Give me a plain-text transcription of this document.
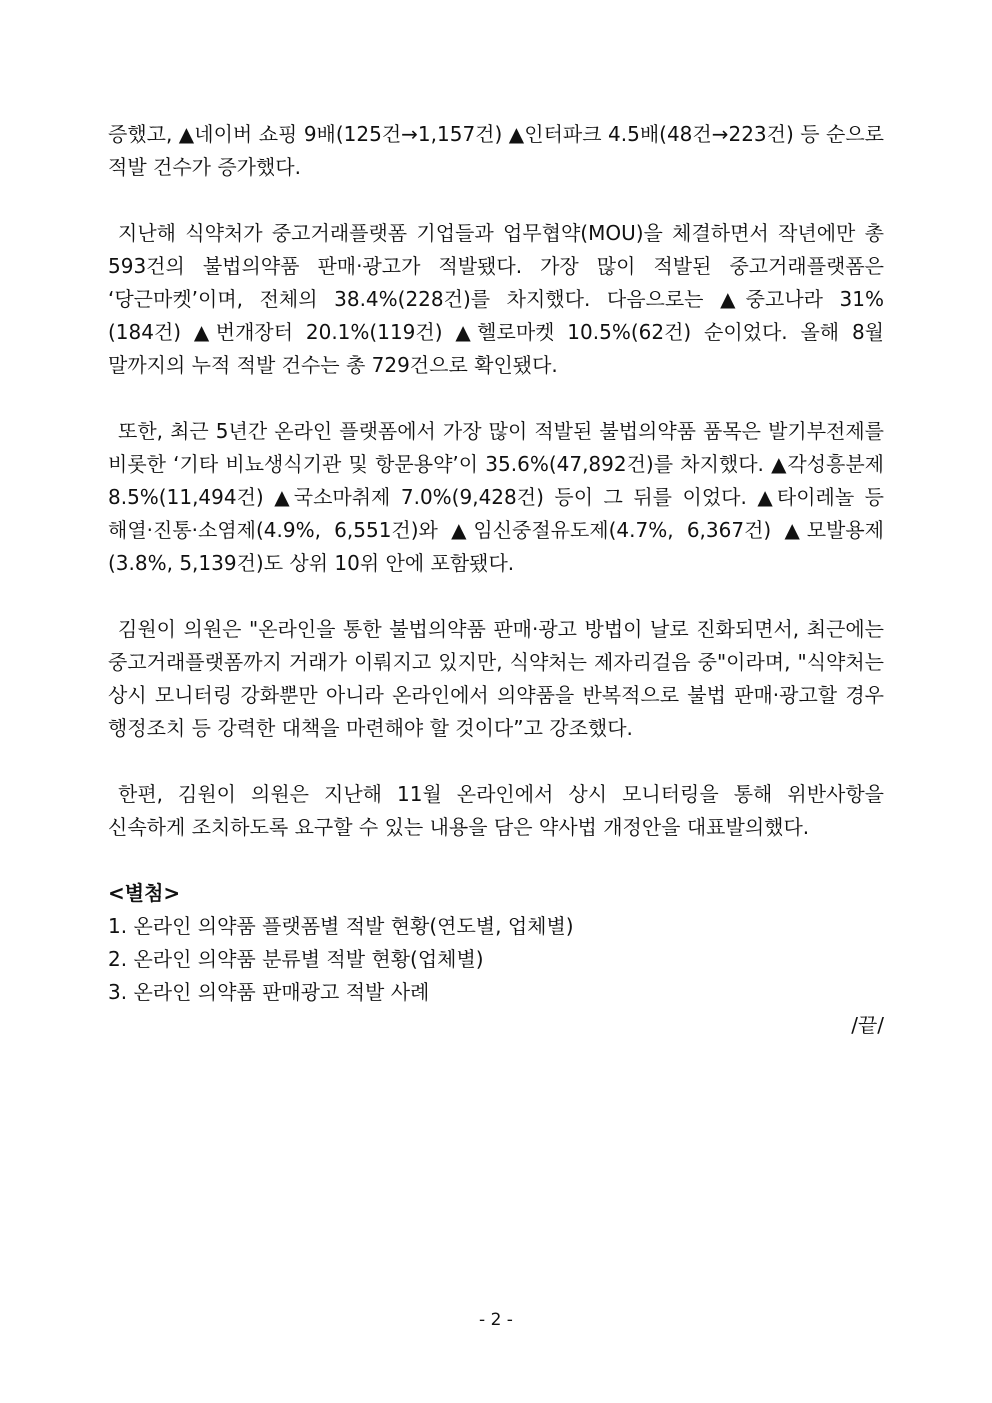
증했고, ▲네이버 쇼핑 9배(125건→1,157건) ▲인터파크 4.5배(48건→223건) 등 순으로 적발 건수가 증가했다.

지난해 식약처가 중고거래플랫폼 기업들과 업무협약(MOU)을 체결하면서 작년에만 총 593건의 불법의약품 판매·광고가 적발됐다. 가장 많이 적발된 중고거래플랫폼은 ‘당근마켓’이며, 전체의 38.4%(228건)를 차지했다. 다음으로는 ▲중고나라 31%(184건) ▲번개장터 20.1%(119건) ▲헬로마켓 10.5%(62건) 순이었다. 올해 8월 말까지의 누적 적발 건수는 총 729건으로 확인됐다.

또한, 최근 5년간 온라인 플랫폼에서 가장 많이 적발된 불법의약품 품목은 발기부전제를 비롯한 ‘기타 비뇨생식기관 및 항문용약’이 35.6%(47,892건)를 차지했다. ▲각성흥분제 8.5%(11,494건) ▲국소마취제 7.0%(9,428건) 등이 그 뒤를 이었다. ▲타이레놀 등 해열·진통·소염제(4.9%, 6,551건)와 ▲임신중절유도제(4.7%, 6,367건) ▲모발용제(3.8%, 5,139건)도 상위 10위 안에 포함됐다.

김원이 의원은 "온라인을 통한 불법의약품 판매·광고 방법이 날로 진화되면서, 최근에는 중고거래플랫폼까지 거래가 이뤄지고 있지만, 식약처는 제자리걸음 중"이라며, "식약처는 상시 모니터링 강화뿐만 아니라 온라인에서 의약품을 반복적으로 불법 판매·광고할 경우 행정조치 등 강력한 대책을 마련해야 할 것이다”고 강조했다.

한편, 김원이 의원은 지난해 11월 온라인에서 상시 모니터링을 통해 위반사항을 신속하게 조치하도록 요구할 수 있는 내용을 담은 약사법 개정안을 대표발의했다.

<별첨>

1. 온라인 의약품 플랫폼별 적발 현황(연도별, 업체별)
2. 온라인 의약품 분류별 적발 현황(업체별)
3. 온라인 의약품 판매광고 적발 사례

/끝/

- 2 -
